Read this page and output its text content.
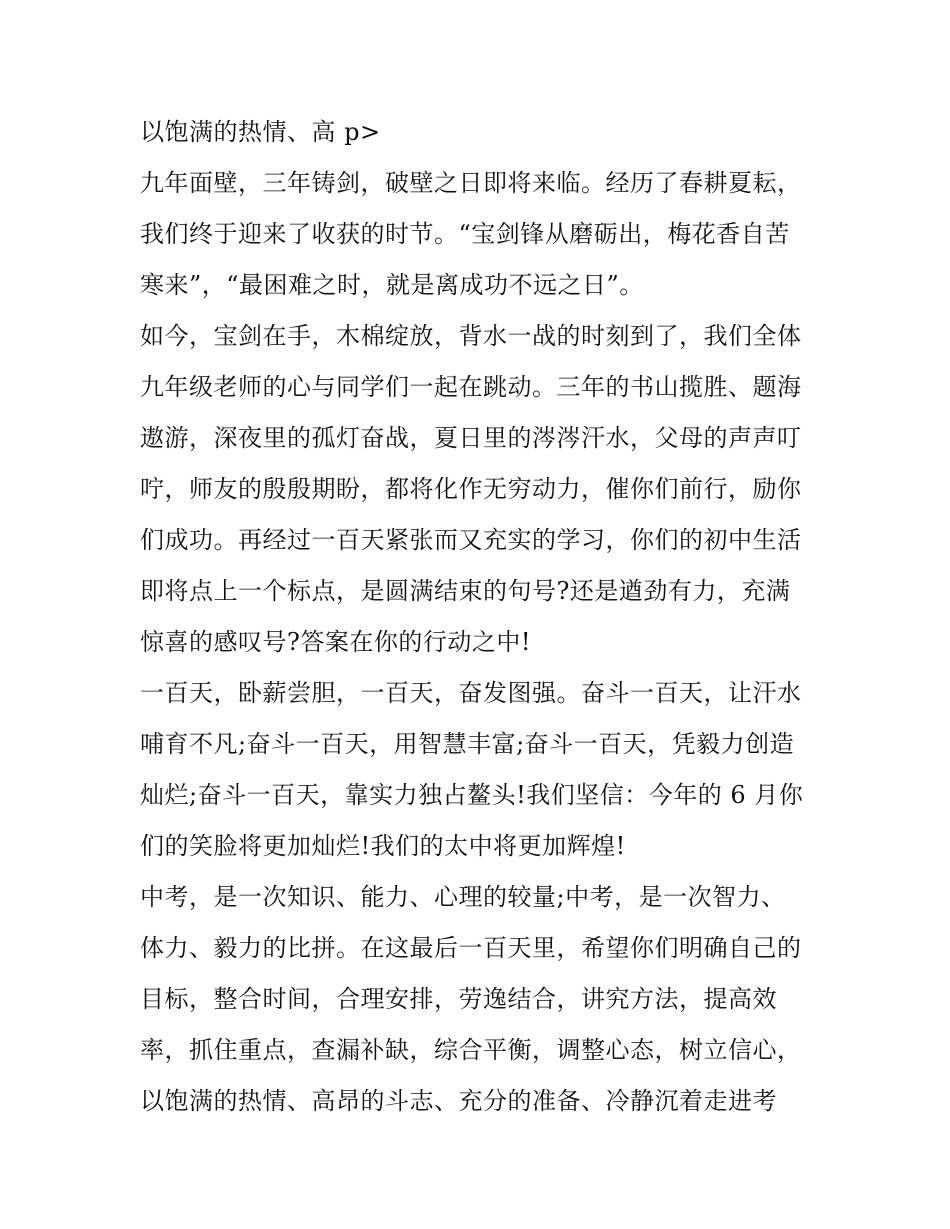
以饱满的热情、高 p>
九年面壁，三年铸剑，破壁之日即将来临。经历了春耕夏耘，
我们终于迎来了收获的时节。“宝剑锋从磨砺出，梅花香自苦
寒来”，“最困难之时，就是离成功不远之日”。
如今，宝剑在手，木棉绽放，背水一战的时刻到了，我们全体
九年级老师的心与同学们一起在跳动。三年的书山揽胜、题海
遨游，深夜里的孤灯奋战，夏日里的涔涔汗水，父母的声声叮
咛，师友的殷殷期盼，都将化作无穷动力，催你们前行，励你
们成功。再经过一百天紧张而又充实的学习，你们的初中生活
即将点上一个标点，是圆满结束的句号?还是遒劲有力，充满
惊喜的感叹号?答案在你的行动之中!
一百天，卧薪尝胆，一百天，奋发图强。奋斗一百天，让汗水
哺育不凡;奋斗一百天，用智慧丰富;奋斗一百天，凭毅力创造
灿烂;奋斗一百天，靠实力独占鳌头!我们坚信：今年的 6 月你
们的笑脸将更加灿烂!我们的太中将更加辉煌!
中考，是一次知识、能力、心理的较量;中考，是一次智力、
体力、毅力的比拼。在这最后一百天里，希望你们明确自己的
目标，整合时间，合理安排，劳逸结合，讲究方法，提高效
率，抓住重点，查漏补缺，综合平衡，调整心态，树立信心，
以饱满的热情、高昂的斗志、充分的准备、冷静沉着走进考
